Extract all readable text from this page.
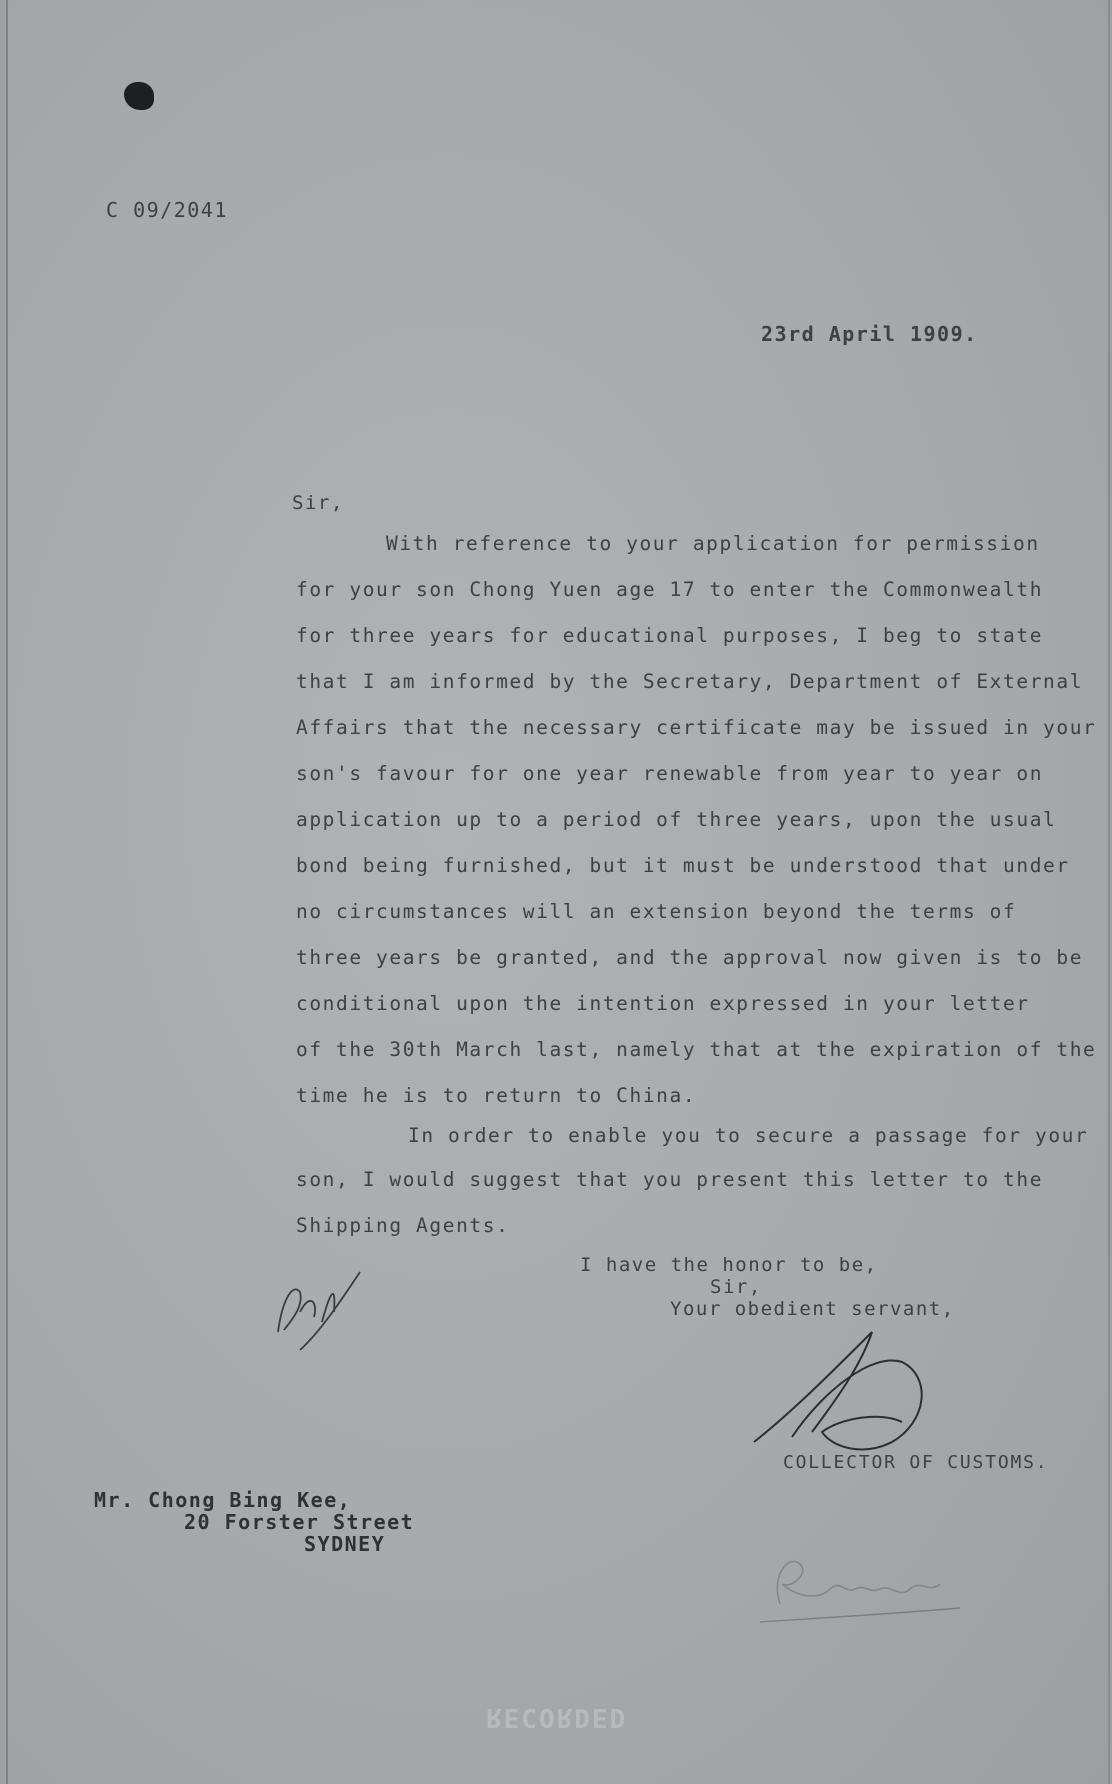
C 09/2041
23rd April 1909.
Sir,
With reference to your application for permission
for your son Chong Yuen age 17 to enter the Commonwealth
for three years for educational purposes, I beg to state
that I am informed by the Secretary, Department of External
Affairs that the necessary certificate may be issued in your
son's favour for one year renewable from year to year on
application up to a period of three years, upon the usual
bond being furnished, but it must be understood that under
no circumstances will an extension beyond the terms of
three years be granted, and the approval now given is to be
conditional upon the intention expressed in your letter
of the 30th March last, namely that at the expiration of the
time he is to return to China.
In order to enable you to secure a passage for your
son, I would suggest that you present this letter to the
Shipping Agents.
I have the honor to be,
Sir,
Your obedient servant,
COLLECTOR OF CUSTOMS.
Mr. Chong Bing Kee,
20 Forster Street
SYDNEY
RECORDED
